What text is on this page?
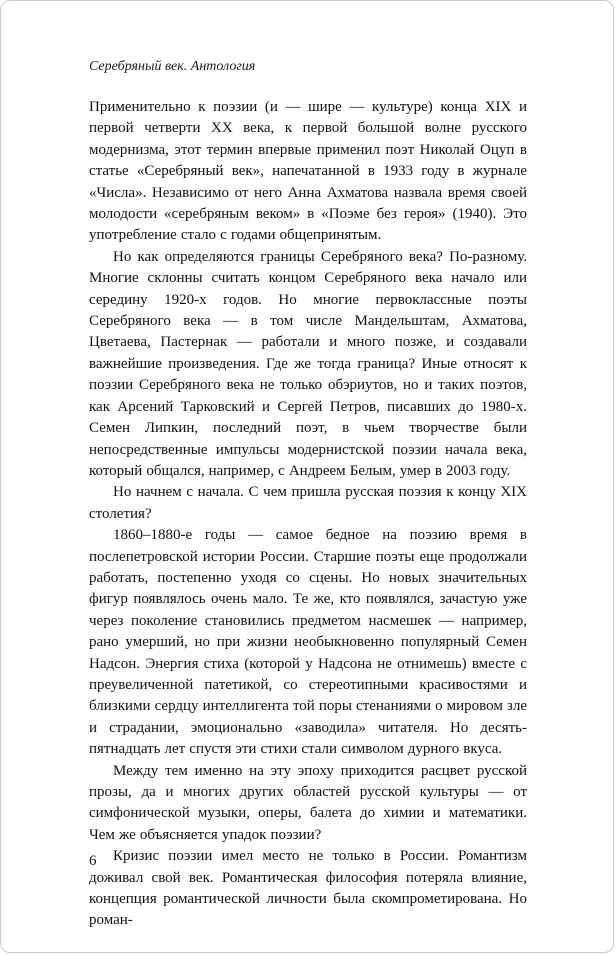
Серебряный век. Антология

Применительно к поэзии (и — шире — культуре) конца XIX и первой четверти XX века, к первой большой волне русского модернизма, этот термин впервые применил поэт Николай Оцуп в статье «Серебряный век», напечатанной в 1933 году в журнале «Числа». Независимо от него Анна Ахматова назвала время своей молодости «серебряным веком» в «Поэме без героя» (1940). Это употребление стало с годами общепринятым.

Но как определяются границы Серебряного века? По-разному. Многие склонны считать концом Серебряного века начало или середину 1920-х годов. Но многие первоклассные поэты Серебряного века — в том числе Мандельштам, Ахматова, Цветаева, Пастернак — работали и много позже, и создавали важнейшие произведения. Где же тогда граница? Иные относят к поэзии Серебряного века не только обэриутов, но и таких поэтов, как Арсений Тарковский и Сергей Петров, писавших до 1980-х. Семен Липкин, последний поэт, в чьем творчестве были непосредственные импульсы модернистской поэзии начала века, который общался, например, с Андреем Белым, умер в 2003 году.

Но начнем с начала. С чем пришла русская поэзия к концу XIX столетия?

1860–1880-е годы — самое бедное на поэзию время в послепетровской истории России. Старшие поэты еще продолжали работать, постепенно уходя со сцены. Но новых значительных фигур появлялось очень мало. Те же, кто появлялся, зачастую уже через поколение становились предметом насмешек — например, рано умерший, но при жизни необыкновенно популярный Семен Надсон. Энергия стиха (которой у Надсона не отнимешь) вместе с преувеличенной патетикой, со стереотипными красивостями и близкими сердцу интеллигента той поры стенаниями о мировом зле и страдании, эмоционально «заводила» читателя. Но десять-пятнадцать лет спустя эти стихи стали символом дурного вкуса.

Между тем именно на эту эпоху приходится расцвет русской прозы, да и многих других областей русской культуры — от симфонической музыки, оперы, балета до химии и математики. Чем же объясняется упадок поэзии?

Кризис поэзии имел место не только в России. Романтизм доживал свой век. Романтическая философия потеряла влияние, концепция романтической личности была скомпрометирована. Но роман-

6
